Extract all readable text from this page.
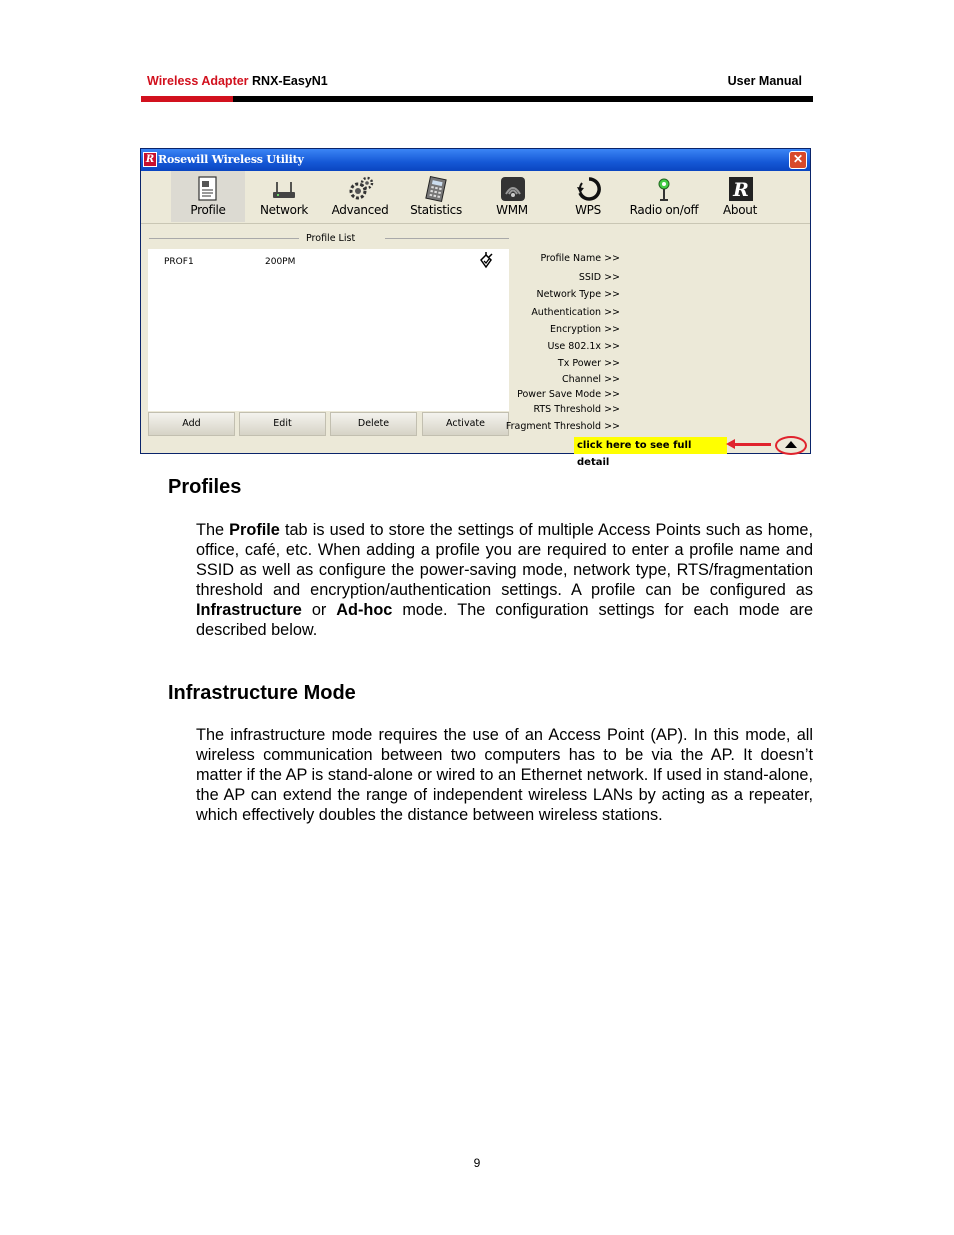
Wireless Adapter RNX-EasyN1	User Manual
R Rosewill Wireless Utility	✕
Profile	Network	Advanced	Statistics	WMM	WPS	Radio on/off
R
About
Profile List
PROF1	200PM
Add	Edit	Delete	Activate
Profile Name >>
SSID >>
Network Type >>
Authentication >>
Encryption >>
Use 802.1x >>
Tx Power >>
Channel >>
Power Save Mode >>
RTS Threshold >>
Fragment Threshold >>
click here to see full detail
Profiles
The Profile tab is used to store the settings of multiple Access Points such as home, office, café, etc. When adding a profile you are required to enter a profile name and SSID as well as configure the power-saving mode, network type, RTS/fragmentation threshold and encryption/authentication settings. A profile can be configured as Infrastructure or Ad-hoc mode. The configuration settings for each mode are described below.
Infrastructure Mode
The infrastructure mode requires the use of an Access Point (AP). In this mode, all wireless communication between two computers has to be via the AP. It doesn’t matter if the AP is stand-alone or wired to an Ethernet network. If used in stand-alone, the AP can extend the range of independent wireless LANs by acting as a repeater, which effectively doubles the distance between wireless stations.
9
